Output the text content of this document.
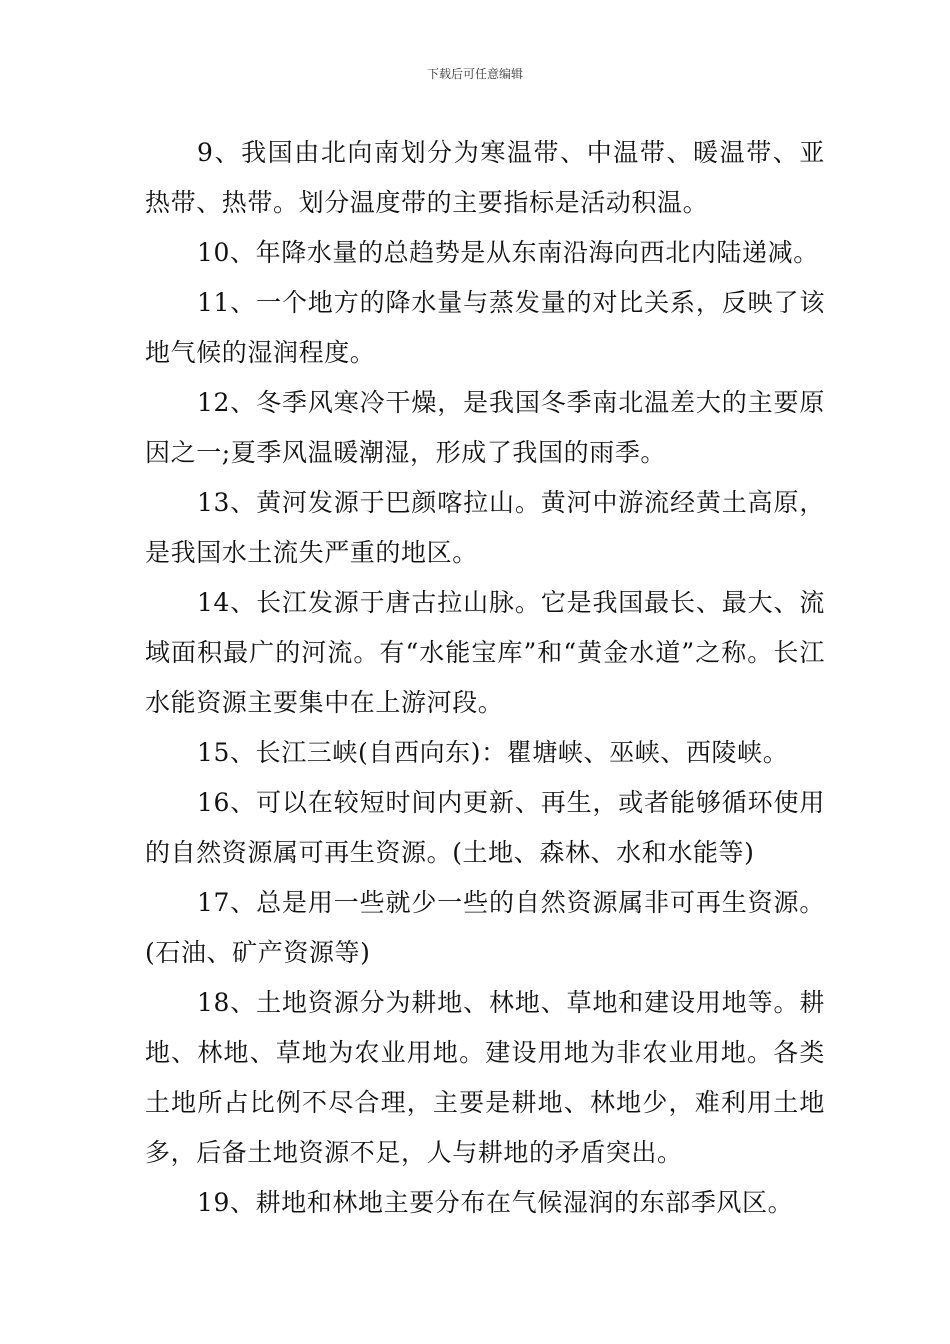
下载后可任意编辑

9、我国由北向南划分为寒温带、中温带、暖温带、亚热带、热带。划分温度带的主要指标是活动积温。

10、年降水量的总趋势是从东南沿海向西北内陆递减。

11、一个地方的降水量与蒸发量的对比关系，反映了该地气候的湿润程度。

12、冬季风寒冷干燥，是我国冬季南北温差大的主要原因之一;夏季风温暖潮湿，形成了我国的雨季。

13、黄河发源于巴颜喀拉山。黄河中游流经黄土高原，是我国水土流失严重的地区。

14、长江发源于唐古拉山脉。它是我国最长、最大、流域面积最广的河流。有“水能宝库”和“黄金水道”之称。长江水能资源主要集中在上游河段。

15、长江三峡(自西向东)：瞿塘峡、巫峡、西陵峡。

16、可以在较短时间内更新、再生，或者能够循环使用的自然资源属可再生资源。(土地、森林、水和水能等)

17、总是用一些就少一些的自然资源属非可再生资源。(石油、矿产资源等)

18、土地资源分为耕地、林地、草地和建设用地等。耕地、林地、草地为农业用地。建设用地为非农业用地。各类土地所占比例不尽合理，主要是耕地、林地少，难利用土地多，后备土地资源不足，人与耕地的矛盾突出。

19、耕地和林地主要分布在气候湿润的东部季风区。
